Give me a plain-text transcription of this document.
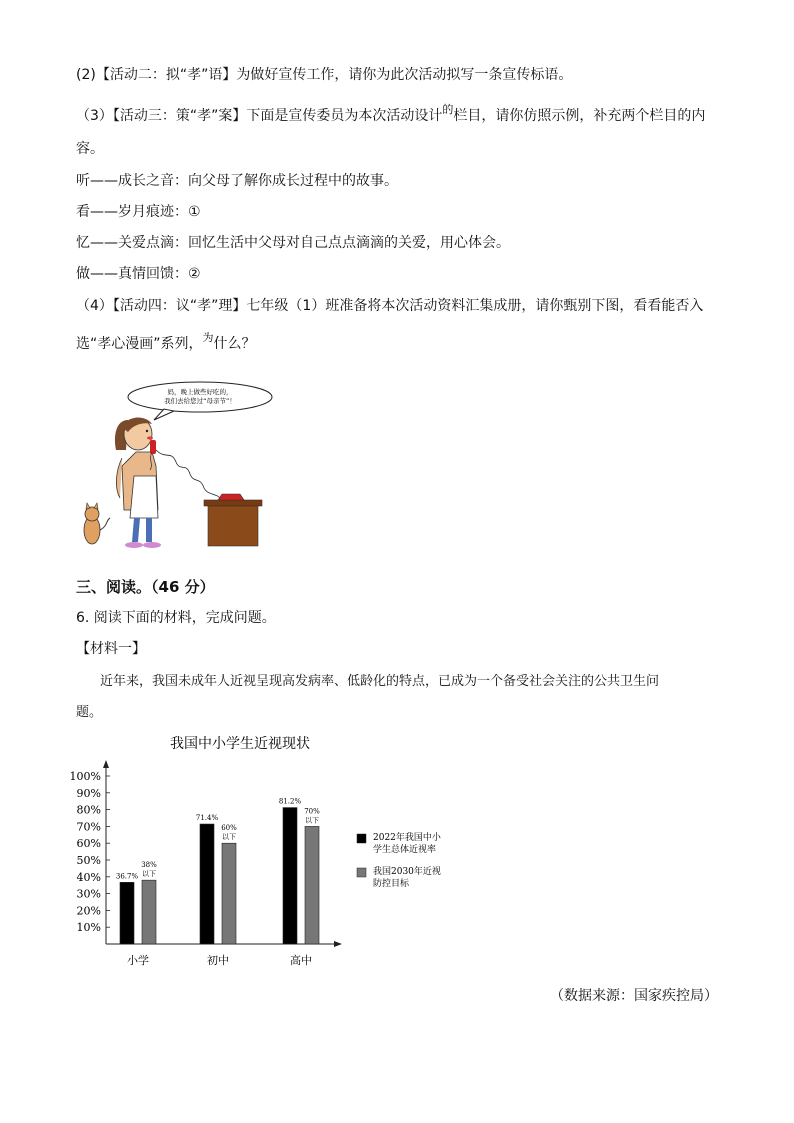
(2)【活动二：拟“孝”语】为做好宣传工作，请你为此次活动拟写一条宣传标语。
（3）【活动三：策“孝”案】下面是宣传委员为本次活动设计$^的$栏目，请你仿照示例，补充两个栏目的内
容。
听——成长之音：向父母了解你成长过程中的故事。
看——岁月痕迹：①
忆——关爱点滴：回忆生活中父母对自己点点滴滴的关爱，用心体会。
做——真情回馈：②
（4）【活动四：议“孝”理】七年级（1）班准备将本次活动资料汇集成册，请你甄别下图，看看能否入
选“孝心漫画”系列，$^为$什么？
妈，晚上做些好吃的，
我们去给您过“母亲节”！
三、阅读。（46 分）
6. 阅读下面的材料，完成问题。
【材料一】
近年来，我国未成年人近视呈现高发病率、低龄化的特点，已成为一个备受社会关注的公共卫生问
题。
我国中小学生近视现状
100%
90%
80%
70%
60%
50%
40%
30%
20%
10%
36.7%
38%
以下
小学
71.4%
60%
以下
初中
81.2%
70%
以下
高中
2022年我国中小
学生总体近视率
我国2030年近视
防控目标
（数据来源：国家疾控局）
